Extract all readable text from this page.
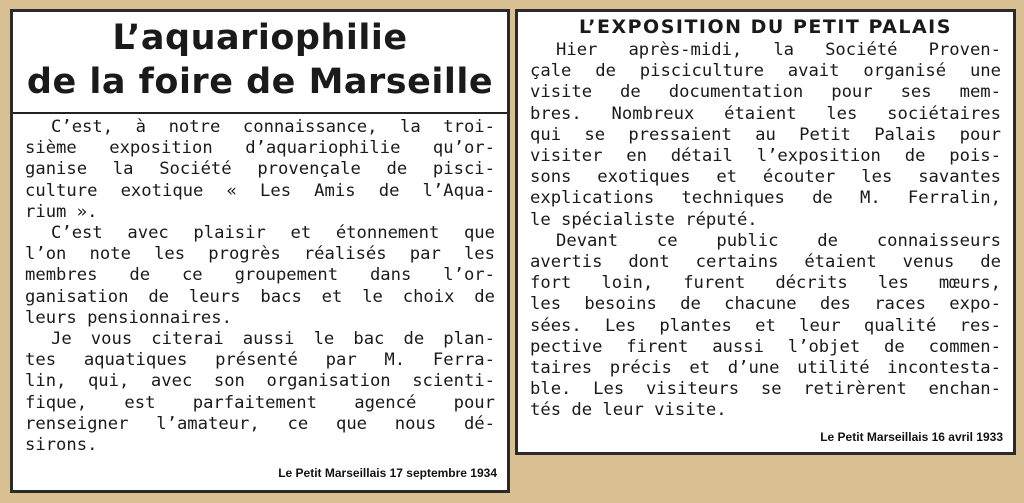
L’aquariophilie
de la foire de Marseille
C’est, à notre connaissance, la troi-
sième exposition d’aquariophilie qu’or-
ganise la Société provençale de pisci-
culture exotique « Les Amis de l’Aqua-
rium ».
C’est avec plaisir et étonnement que
l’on note les progrès réalisés par les
membres de ce groupement dans l’or-
ganisation de leurs bacs et le choix de
leurs pensionnaires.
Je vous citerai aussi le bac de plan-
tes aquatiques présenté par M. Ferra-
lin, qui, avec son organisation scienti-
fique, est parfaitement agencé pour
renseigner l’amateur, ce que nous dé-
sirons.
Le Petit Marseillais 17 septembre 1934
L’EXPOSITION DU PETIT PALAIS
Hier après-midi, la Société Proven-
çale de pisciculture avait organisé une
visite de documentation pour ses mem-
bres. Nombreux étaient les sociétaires
qui se pressaient au Petit Palais pour
visiter en détail l’exposition de pois-
sons exotiques et écouter les savantes
explications techniques de M. Ferralin,
le spécialiste réputé.
Devant ce public de connaisseurs
avertis dont certains étaient venus de
fort loin, furent décrits les mœurs,
les besoins de chacune des races expo-
sées. Les plantes et leur qualité res-
pective firent aussi l’objet de commen-
taires précis et d’une utilité incontesta-
ble. Les visiteurs se retirèrent enchan-
tés de leur visite.
Le Petit Marseillais 16 avril 1933
